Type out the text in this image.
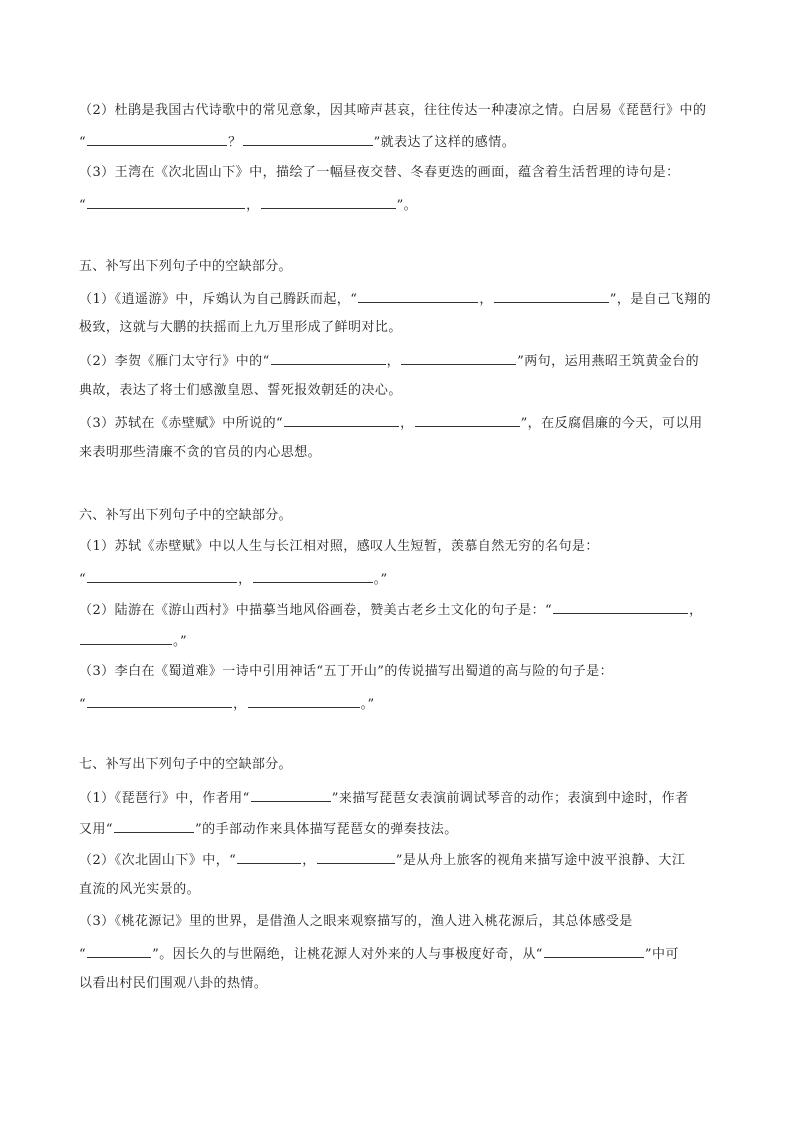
（2）杜鹃是我国古代诗歌中的常见意象，因其啼声甚哀，往往传达一种凄凉之情。白居易《琵琶行》中的
“	？	”就表达了这样的感情。
（3）王湾在《次北固山下》中，描绘了一幅昼夜交替、冬春更迭的画面，蕴含着生活哲理的诗句是：
“	，	”。
五、补写出下列句子中的空缺部分。
（1）《逍遥游》中，斥鴳认为自己腾跃而起，“	，	”，是自己飞翔的
极致，这就与大鹏的扶摇而上九万里形成了鲜明对比。
（2）李贺《雁门太守行》中的“	，	”两句，运用燕昭王筑黄金台的
典故，表达了将士们感激皇恩、誓死报效朝廷的决心。
（3）苏轼在《赤壁赋》中所说的“	，	”，在反腐倡廉的今天，可以用
来表明那些清廉不贪的官员的内心思想。
六、补写出下列句子中的空缺部分。
（1）苏轼《赤壁赋》中以人生与长江相对照，感叹人生短暂，羡慕自然无穷的名句是：
“	，	。”
（2）陆游在《游山西村》中描摹当地风俗画卷，赞美古老乡土文化的句子是：“	，
。”
（3）李白在《蜀道难》一诗中引用神话“五丁开山”的传说描写出蜀道的高与险的句子是：
“	，	。”
七、补写出下列句子中的空缺部分。
（1）《琵琶行》中，作者用“	”来描写琵琶女表演前调试琴音的动作；表演到中途时，作者
又用“	”的手部动作来具体描写琵琶女的弹奏技法。
（2）《次北固山下》中，“	，	”是从舟上旅客的视角来描写途中波平浪静、大江
直流的风光实景的。
（3）《桃花源记》里的世界，是借渔人之眼来观察描写的，渔人进入桃花源后，其总体感受是
“	”。因长久的与世隔绝，让桃花源人对外来的人与事极度好奇，从“	”中可
以看出村民们围观八卦的热情。
